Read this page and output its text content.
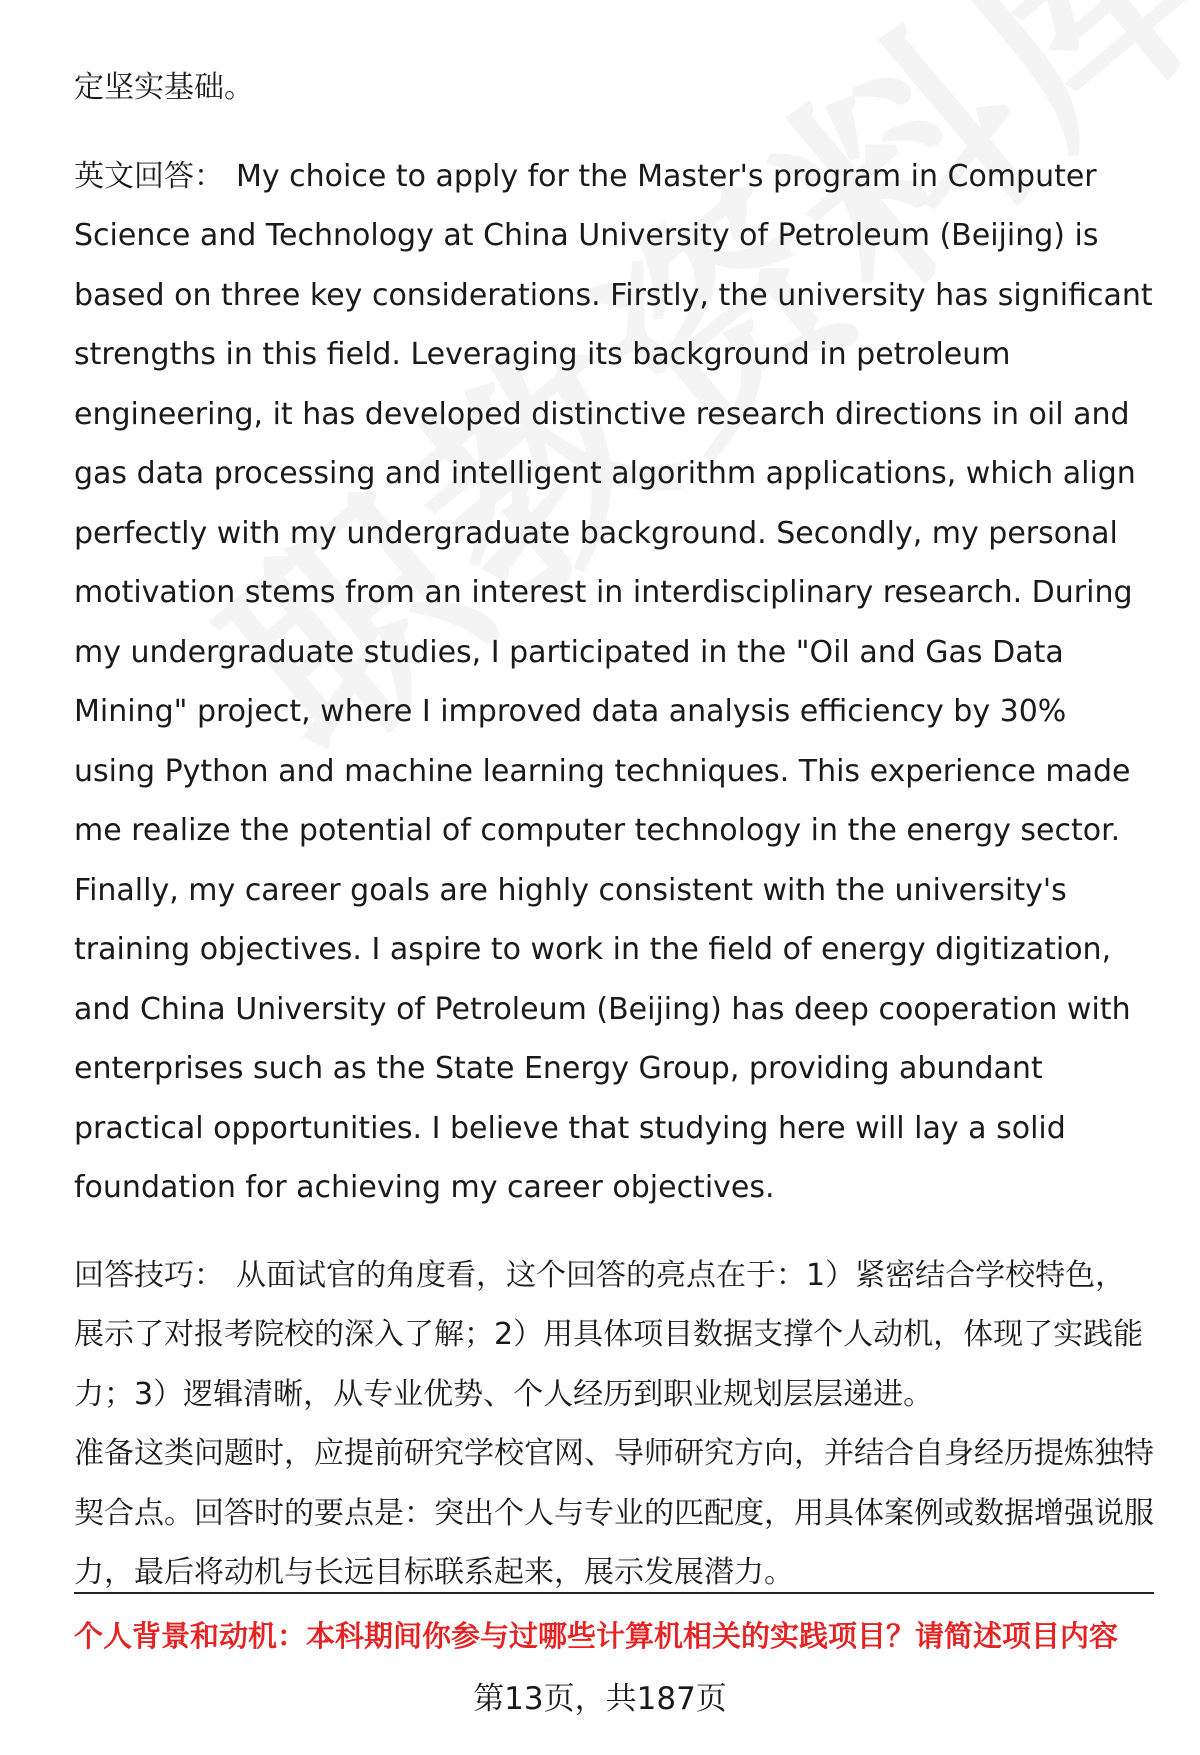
定坚实基础。

英文回答： My choice to apply for the Master's program in Computer Science and Technology at China University of Petroleum (Beijing) is based on three key considerations. Firstly, the university has significant strengths in this field. Leveraging its background in petroleum engineering, it has developed distinctive research directions in oil and gas data processing and intelligent algorithm applications, which align perfectly with my undergraduate background. Secondly, my personal motivation stems from an interest in interdisciplinary research. During my undergraduate studies, I participated in the "Oil and Gas Data Mining" project, where I improved data analysis efficiency by 30% using Python and machine learning techniques. This experience made me realize the potential of computer technology in the energy sector. Finally, my career goals are highly consistent with the university's training objectives. I aspire to work in the field of energy digitization, and China University of Petroleum (Beijing) has deep cooperation with enterprises such as the State Energy Group, providing abundant practical opportunities. I believe that studying here will lay a solid foundation for achieving my career objectives.

回答技巧： 从面试官的角度看，这个回答的亮点在于：1）紧密结合学校特色，展示了对报考院校的深入了解；2）用具体项目数据支撑个人动机，体现了实践能力；3）逻辑清晰，从专业优势、个人经历到职业规划层层递进。

准备这类问题时，应提前研究学校官网、导师研究方向，并结合自身经历提炼独特契合点。回答时的要点是：突出个人与专业的匹配度，用具体案例或数据增强说服力，最后将动机与长远目标联系起来，展示发展潜力。

个人背景和动机：本科期间你参与过哪些计算机相关的实践项目？请简述项目内容
第13页，共187页
